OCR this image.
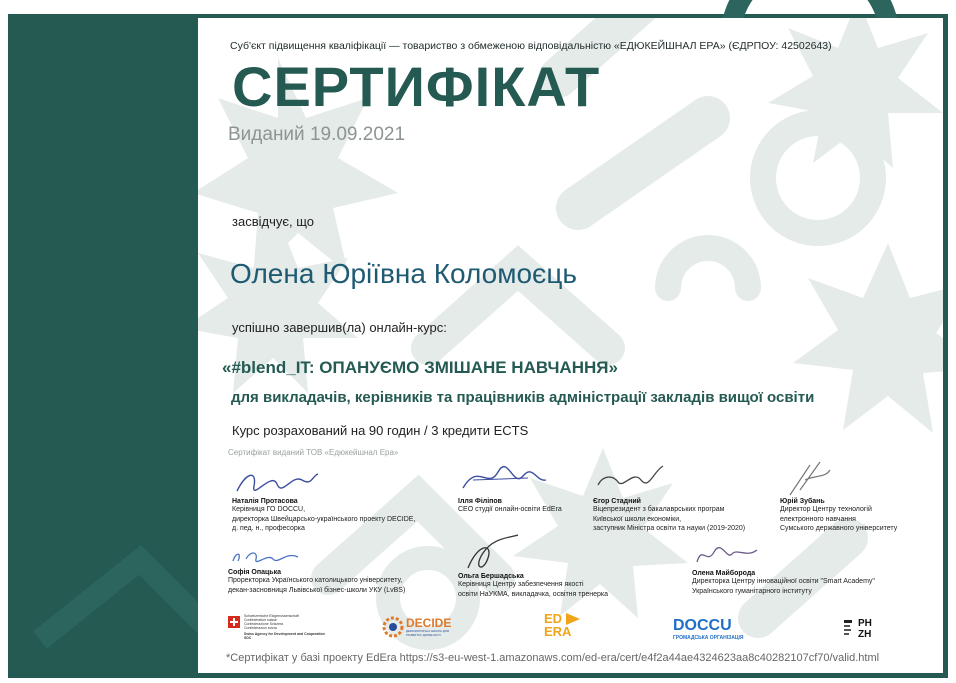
Суб'єкт підвищення кваліфікації — товариство з обмеженою відповідальністю «ЕДЮКЕЙШНАЛ ЕРА» (ЄДРПОУ: 42502643)
СЕРТИФІКАТ
Виданий 19.09.2021
засвідчує, що
Олена Юріївна Коломоєць
успішно завершив(ла) онлайн-курс:
«#blend_IT: ОПАНУЄМО ЗМІШАНЕ НАВЧАННЯ»
для викладачів, керівників та працівників адміністрації закладів вищої освіти
Курс розрахований на 90 годин / 3 кредити ECTS
Сертифікат виданий ТОВ «Едюкейшнал Ера»
Наталія Протасова
Керівниця ГО DOCCU,
директорка Швейцарсько-українського проекту DECIDE,
д. пед. н., професорка
Ілля Філіпов
CEO студії онлайн-освіти EdEra
Єгор Стадний
Віцепрезидент з бакалаврських програм
Київської школи економіки,
заступник Міністра освіти та науки (2019-2020)
Юрій Зубань
Директор Центру технологій
електронного навчання
Сумського державного університету
Софія Опацька
Проректорка Українського католицького університету,
декан-засновниця Львівської бізнес-школи УКУ (LvBS)
Ольга Бершадська
Керівниця Центру забезпечення якості
освіти НаУКМА, викладачка, освітня тренерка
Олена Майборода
Директорка Центру інноваційної освіти "Smart Academy"
Українського гуманітарного інституту
Schweizerische Eidgenossenschaft
Confédération suisse
Confederazione Svizzera
Confederaziun svizra
Swiss Agency for Development and Cooperation SDC
DECIDE
ДЕМОКРАТИЧНА ШКОЛА ДЛЯ РОЗВИТКУ ДІЯЛЬНОСТІ
ED
ERA	DOCCU
ГРОМАДСЬКА ОРГАНІЗАЦІЯ
PH
ZH
*Сертифікат у базі проекту EdEra https://s3-eu-west-1.amazonaws.com/ed-era/cert/e4f2a44ae4324623aa8c40282107cf70/valid.html
